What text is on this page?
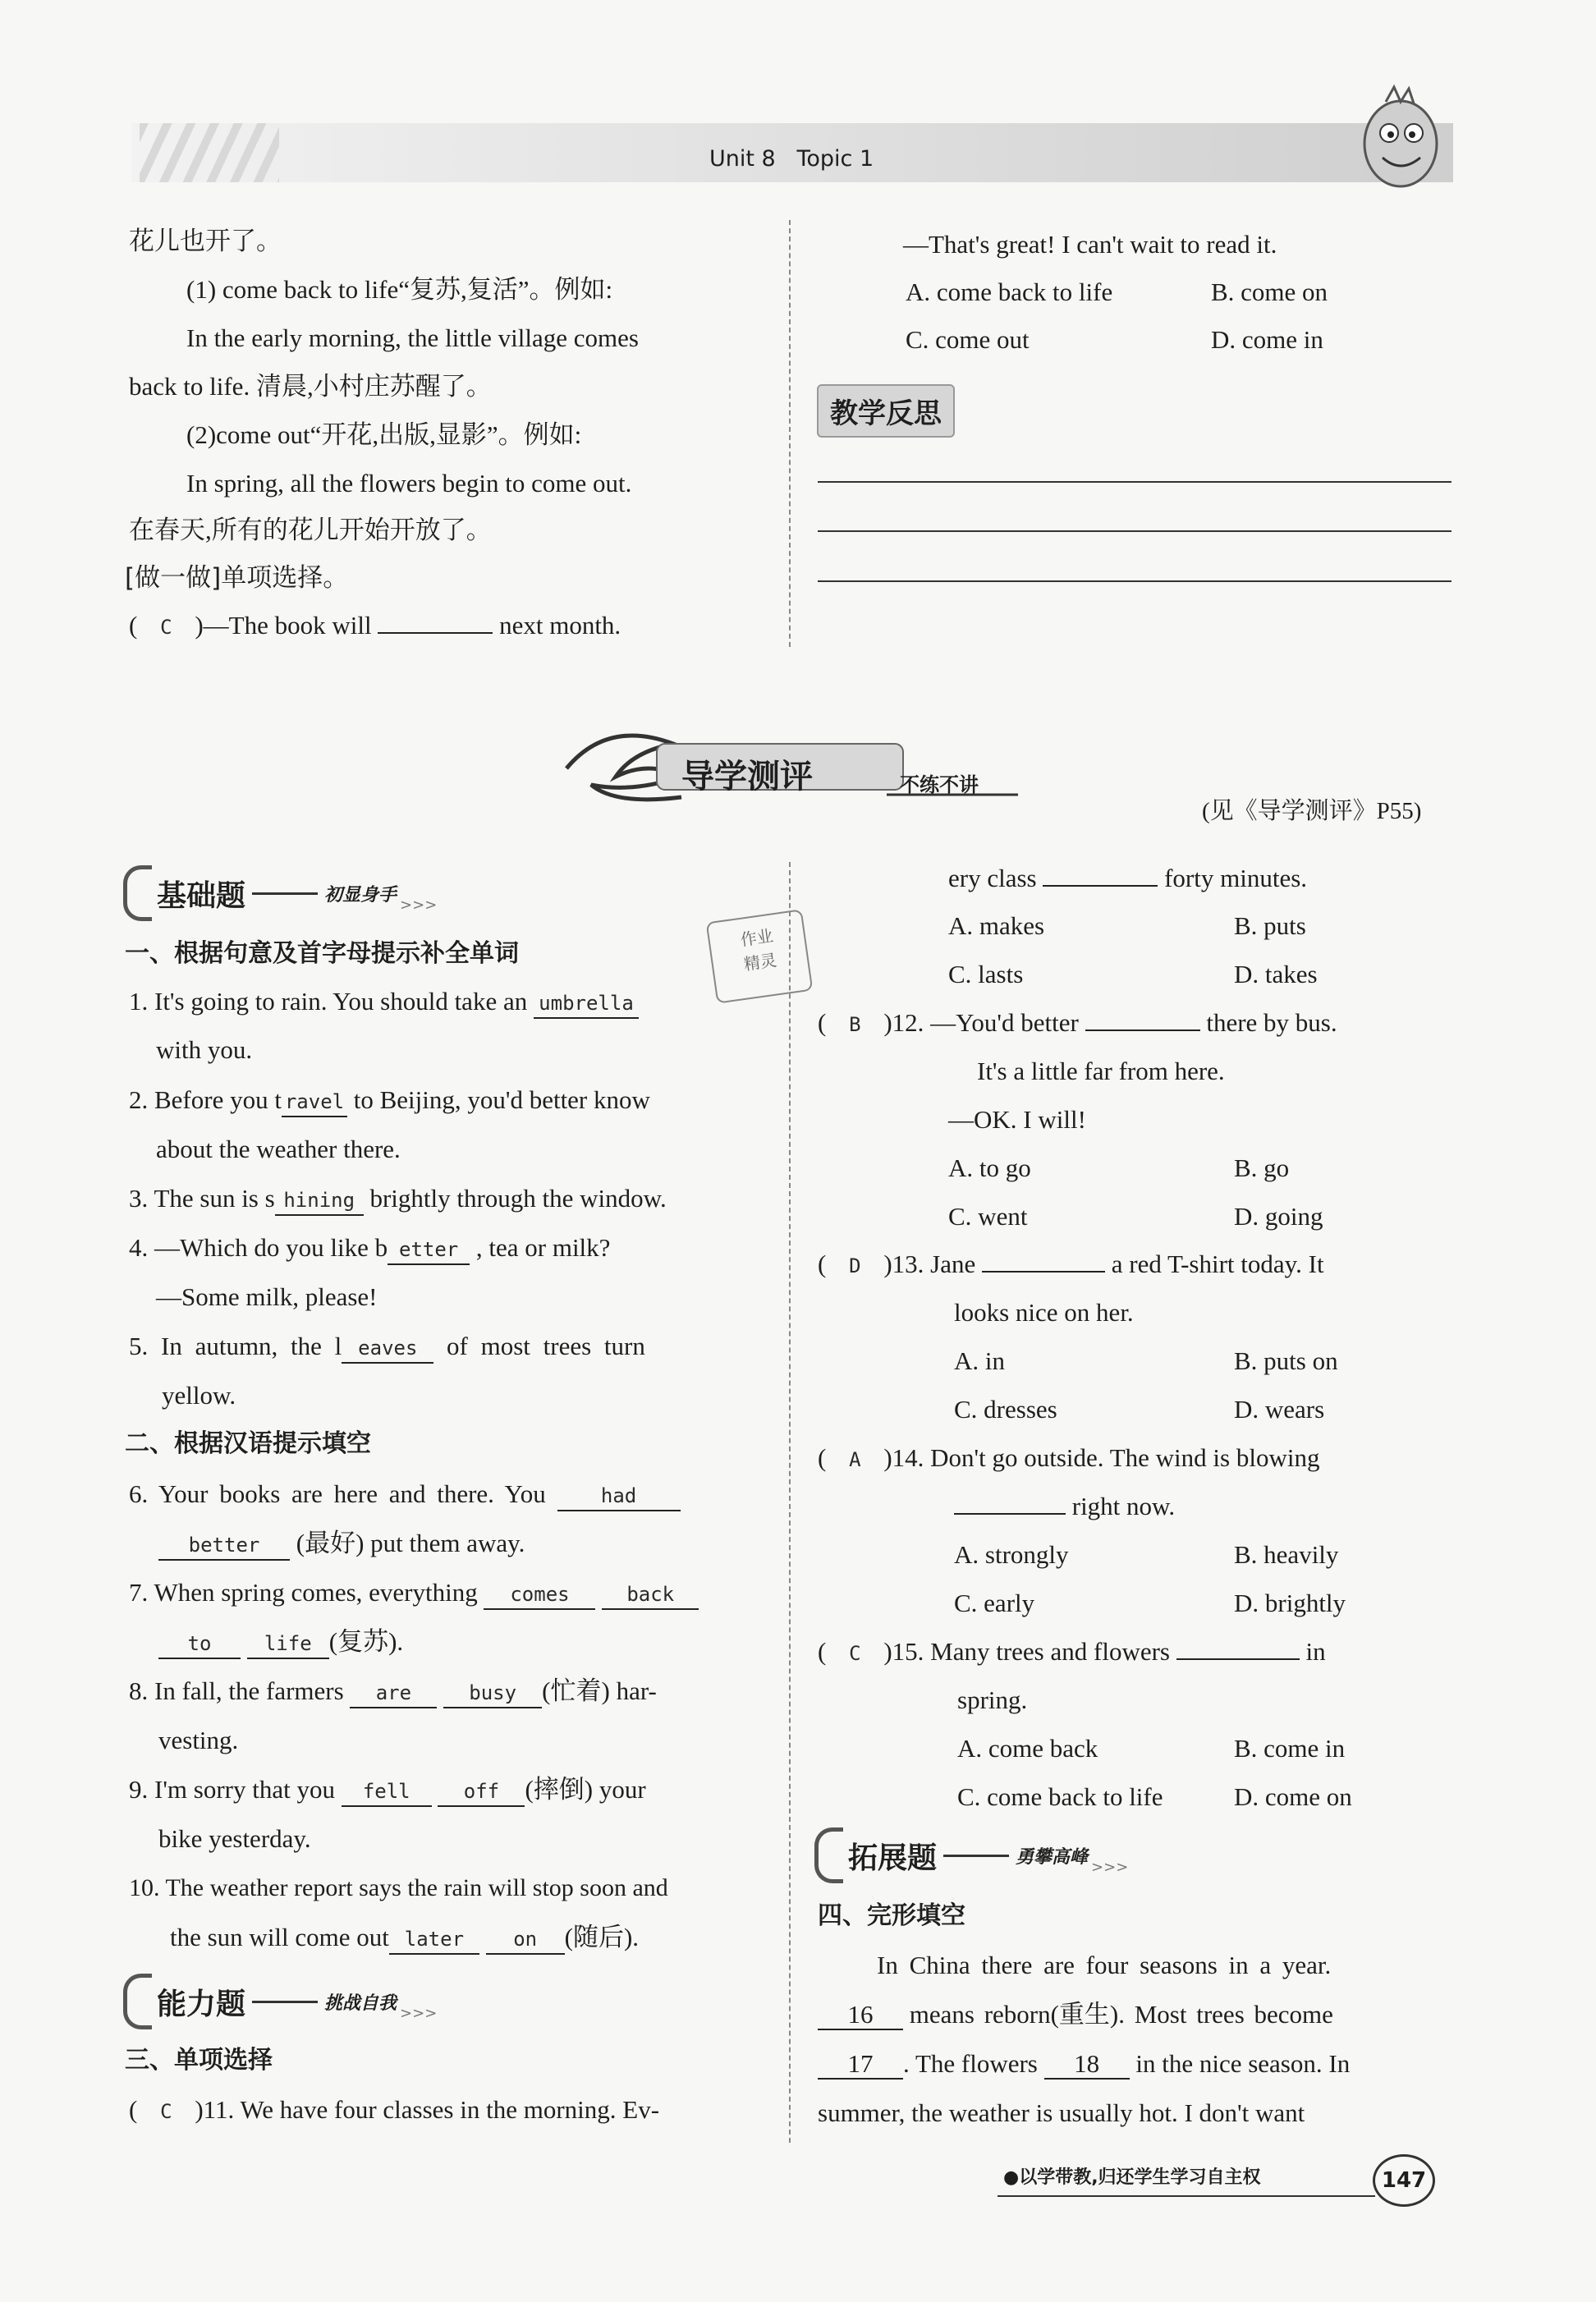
Unit 8   Topic 1
花儿也开了。
(1) come back to life“复苏,复活”。例如:
In the early morning, the little village comes
back to life. 清晨,小村庄苏醒了。
(2)come out“开花,出版,显影”。例如:
In spring, all the flowers begin to come out.
在春天,所有的花儿开始开放了。
[做一做]单项选择。
( C )—The book will	next month.
—That's great! I can't wait to read it.
A. come back to life	B. come on
C. come out	D. come in
教学反思
导学测评	不练不讲
(见《导学测评》P55)
基础题	初显身手 >>>
一、根据句意及首字母提示补全单词
1. It's going to rain. You should take an umbrella
with you.
2. Before you t ravel to Beijing, you'd better know
about the weather there.
3. The sun is s hining brightly through the window.
4. —Which do you like b etter , tea or milk?
—Some milk, please!
5. In autumn, the l eaves of most trees turn
yellow.
二、根据汉语提示填空
6. Your books are here and there. You	had
better (最好) put them away.
7. When spring comes, everything comes	back
to	life (复苏).
8. In fall, the farmers are	busy (忙着) har-
vesting.
9. I'm sorry that you fell	off (摔倒) your
bike yesterday.
10. The weather report says the rain will stop soon and
the sun will come out later	on (随后).
能力题	挑战自我 >>>
三、单项选择
( C )11. We have four classes in the morning. Ev-
作业
精灵
ery class	forty minutes.
A. makes	B. puts
C. lasts	D. takes
( B )12. —You'd better	there by bus.
It's a little far from here.
—OK. I will!
A. to go	B. go
C. went	D. going
( D )13. Jane	a red T-shirt today. It
looks nice on her.
A. in	B. puts on
C. dresses	D. wears
( A )14. Don't go outside. The wind is blowing
right now.
A. strongly	B. heavily
C. early	D. brightly
( C )15. Many trees and flowers	in
spring.
A. come back	B. come in
C. come back to life	D. come on
拓展题	勇攀高峰 >>>
四、完形填空
In China there are four seasons in a year.
16 means reborn(重生). Most trees become
17 . The flowers 18 in the nice season. In
summer, the weather is usually hot. I don't want
●以学带教,归还学生学习自主权	147
